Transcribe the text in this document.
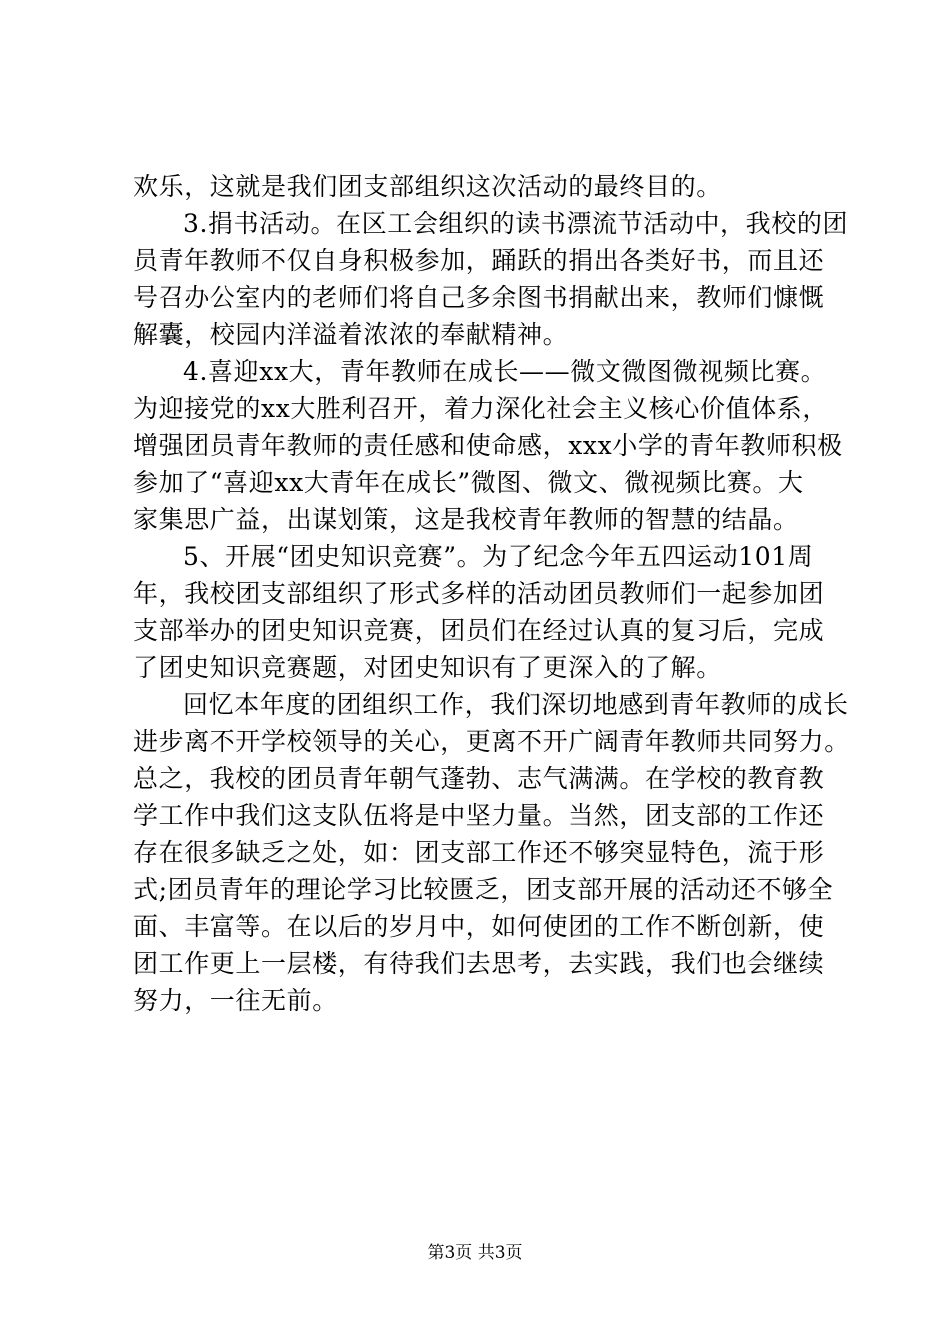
欢乐，这就是我们团支部组织这次活动的最终目的。
3.捐书活动。在区工会组织的读书漂流节活动中，我校的团
员青年教师不仅自身积极参加，踊跃的捐出各类好书，而且还
号召办公室内的老师们将自己多余图书捐献出来，教师们慷慨
解囊，校园内洋溢着浓浓的奉献精神。
4.喜迎xx大，青年教师在成长——微文微图微视频比赛。
为迎接党的xx大胜利召开，着力深化社会主义核心价值体系，
增强团员青年教师的责任感和使命感，xxx小学的青年教师积极
参加了“喜迎xx大青年在成长”微图、微文、微视频比赛。大
家集思广益，出谋划策，这是我校青年教师的智慧的结晶。
5、开展“团史知识竞赛”。为了纪念今年五四运动101周
年，我校团支部组织了形式多样的活动团员教师们一起参加团
支部举办的团史知识竞赛，团员们在经过认真的复习后，完成
了团史知识竞赛题，对团史知识有了更深入的了解。
回忆本年度的团组织工作，我们深切地感到青年教师的成长
进步离不开学校领导的关心，更离不开广阔青年教师共同努力。
总之，我校的团员青年朝气蓬勃、志气满满。在学校的教育教
学工作中我们这支队伍将是中坚力量。当然，团支部的工作还
存在很多缺乏之处，如：团支部工作还不够突显特色，流于形
式;团员青年的理论学习比较匮乏，团支部开展的活动还不够全
面、丰富等。在以后的岁月中，如何使团的工作不断创新，使
团工作更上一层楼，有待我们去思考，去实践，我们也会继续
努力，一往无前。
第3页 共3页
